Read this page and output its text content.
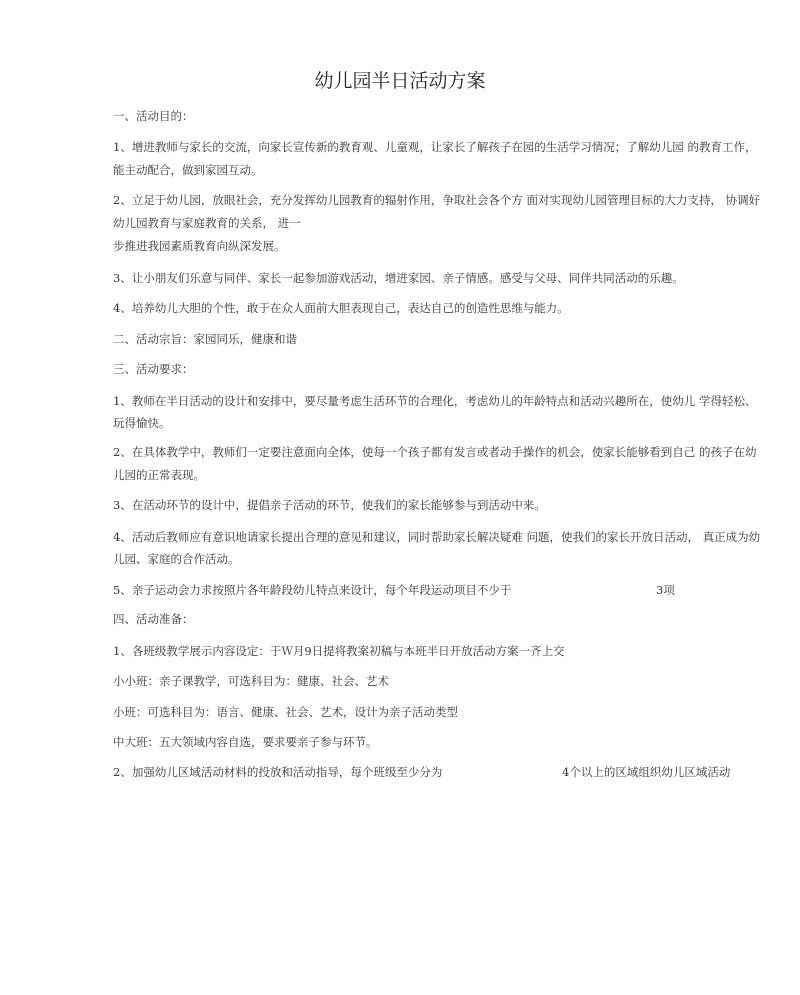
幼儿园半日活动方案
一、活动目的：
1、增进教师与家长的交流，向家长宣传新的教育观、儿童观，让家长了解孩子在园的生活学习情况；了解幼儿园 的教育工作，
能主动配合，做到家园互动。
2、立足于幼儿园，放眼社会，充分发挥幼儿园教育的辐射作用，争取社会各个方 面对实现幼儿园管理目标的大力支持， 协调好
幼儿园教育与家庭教育的关系， 进一
步推进我园素质教育向纵深发展。
3、让小朋友们乐意与同伴、家长一起参加游戏活动，增进家园、亲子情感。感受与父母、同伴共同活动的乐趣。
4、培养幼儿大胆的个性，敢于在众人面前大胆表现自己，表达自己的创造性思维与能力。
二、活动宗旨：家园同乐，健康和谐
三、活动要求：
1、教师在半日活动的设计和安排中，要尽量考虑生活环节的合理化，考虑幼儿的年龄特点和活动兴趣所在，使幼儿 学得轻松、
玩得愉快。
2、在具体教学中，教师们一定要注意面向全体，使每一个孩子都有发言或者动手操作的机会，使家长能够看到自己 的孩子在幼
儿园的正常表现。
3、在活动环节的设计中，提倡亲子活动的环节，使我们的家长能够参与到活动中来。
4、活动后教师应有意识地请家长提出合理的意见和建议，同时帮助家长解决疑难 问题，使我们的家长开放日活动， 真正成为幼
儿园、家庭的合作活动。
5、亲子运动会力求按照片各年龄段幼儿特点来设计，每个年段运动项目不少于	3项
四、活动准备：
1、各班级教学展示内容设定：于Ｗ月9日提将教案初稿与本班半日开放活动方案一齐上交
小小班：亲子课教学，可选科目为：健康、社会、艺术
小班：可选科目为：语言、健康、社会、艺术，设计为亲子活动类型
中大班：五大领域内容自选，要求要亲子参与环节。
2、加强幼儿区域活动材料的投放和活动指导，每个班级至少分为	4个以上的区域组织幼儿区域活动
